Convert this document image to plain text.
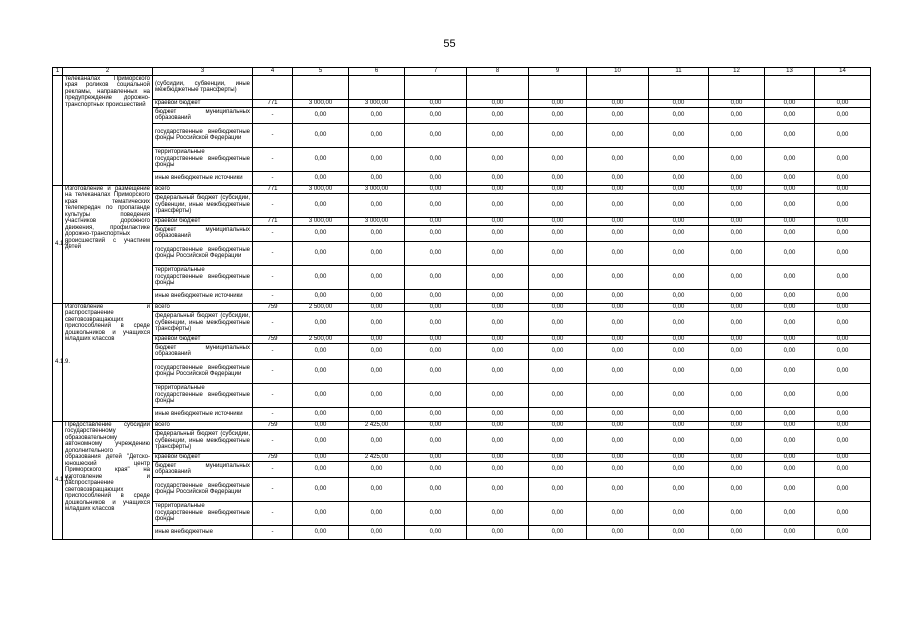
55
1	2	3	4	5	6	7	8	9	10	11	12	13	14	
	телеканалах Приморского края роликов социальной рекламы, направленных на предупреждение дорожно-транспортных происшествий	(субсидии, субвенции, иные межбюджетные трансферты)												
		краевой бюджет	771	3 000,00	3 000,00	0,00	0,00	0,00	0,00	0,00	0,00	0,00	0,00	
		бюджет муниципальных образований	-	0,00	0,00	0,00	0,00	0,00	0,00	0,00	0,00	0,00	0,00	
		государственные внебюджетные фонды Российской Федерации	-	0,00	0,00	0,00	0,00	0,00	0,00	0,00	0,00	0,00	0,00	
		территориальные государственные внебюджетные фонды	-	0,00	0,00	0,00	0,00	0,00	0,00	0,00	0,00	0,00	0,00	
		иные внебюджетные источники	-	0,00	0,00	0,00	0,00	0,00	0,00	0,00	0,00	0,00	0,00	
4.1.8.	Изготовление и размещение на телеканалах Приморского края тематических телепередач по пропаганде культуры поведения участников дорожного движения, профилактике дорожно-транспортных происшествий с участием детей	всего	771	3 000,00	3 000,00	0,00	0,00	0,00	0,00	0,00	0,00	0,00	0,00	
		федеральный бюджет (субсидии, субвенции, иные межбюджетные трансферты)	-	0,00	0,00	0,00	0,00	0,00	0,00	0,00	0,00	0,00	0,00	
		краевой бюджет	771	3 000,00	3 000,00	0,00	0,00	0,00	0,00	0,00	0,00	0,00	0,00	
		бюджет муниципальных образований	-	0,00	0,00	0,00	0,00	0,00	0,00	0,00	0,00	0,00	0,00	
		государственные внебюджетные фонды Российской Федерации	-	0,00	0,00	0,00	0,00	0,00	0,00	0,00	0,00	0,00	0,00	
		территориальные государственные внебюджетные фонды	-	0,00	0,00	0,00	0,00	0,00	0,00	0,00	0,00	0,00	0,00	
		иные внебюджетные источники	-	0,00	0,00	0,00	0,00	0,00	0,00	0,00	0,00	0,00	0,00	
4.1.9.	Изготовление и распространение световозвращающих приспособлений в среде дошкольников и учащихся младших классов	всего	759	2 500,00	0,00	0,00	0,00	0,00	0,00	0,00	0,00	0,00	0,00	
		федеральный бюджет (субсидии, субвенции, иные межбюджетные трансферты)	-	0,00	0,00	0,00	0,00	0,00	0,00	0,00	0,00	0,00	0,00	
		краевой бюджет	759	2 500,00	0,00	0,00	0,00	0,00	0,00	0,00	0,00	0,00	0,00	
		бюджет муниципальных образований	-	0,00	0,00	0,00	0,00	0,00	0,00	0,00	0,00	0,00	0,00	
		государственные внебюджетные фонды Российской Федерации	-	0,00	0,00	0,00	0,00	0,00	0,00	0,00	0,00	0,00	0,00	
		территориальные государственные внебюджетные фонды	-	0,00	0,00	0,00	0,00	0,00	0,00	0,00	0,00	0,00	0,00	
		иные внебюджетные источники	-	0,00	0,00	0,00	0,00	0,00	0,00	0,00	0,00	0,00	0,00	
4.1.10.	Предоставление субсидий государственному образовательному автономному учреждению дополнительного образования детей "Детско-юношеский центр Приморского края" на изготовление и распространение световозвращающих приспособлений в среде дошкольников и учащихся младших классов	всего	759	0,00	2 425,00	0,00	0,00	0,00	0,00	0,00	0,00	0,00	0,00	
		федеральный бюджет (субсидии, субвенции, иные межбюджетные трансферты)	-	0,00	0,00	0,00	0,00	0,00	0,00	0,00	0,00	0,00	0,00	
		краевой бюджет	759	0,00	2 425,00	0,00	0,00	0,00	0,00	0,00	0,00	0,00	0,00	
		бюджет муниципальных образований	-	0,00	0,00	0,00	0,00	0,00	0,00	0,00	0,00	0,00	0,00	
		государственные внебюджетные фонды Российской Федерации	-	0,00	0,00	0,00	0,00	0,00	0,00	0,00	0,00	0,00	0,00	
		территориальные государственные внебюджетные фонды	-	0,00	0,00	0,00	0,00	0,00	0,00	0,00	0,00	0,00	0,00	
		иные внебюджетные	-	0,00	0,00	0,00	0,00	0,00	0,00	0,00	0,00	0,00	0,00	
